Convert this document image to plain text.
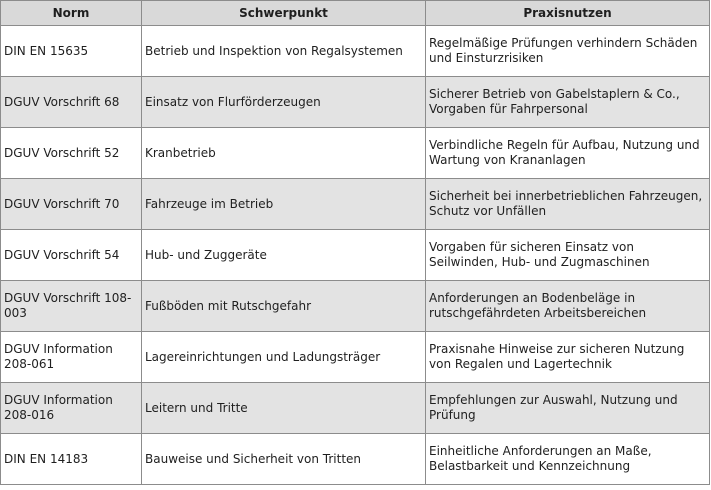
Norm	Schwerpunkt	Praxisnutzen
DIN EN 15635	Betrieb und Inspektion von Regalsystemen	Regelmäßige Prüfungen verhindern Schäden und Einsturzrisiken
DGUV Vorschrift 68	Einsatz von Flurförderzeugen	Sicherer Betrieb von Gabelstaplern & Co., Vorgaben für Fahrpersonal
DGUV Vorschrift 52	Kranbetrieb	Verbindliche Regeln für Aufbau, Nutzung und Wartung von Krananlagen
DGUV Vorschrift 70	Fahrzeuge im Betrieb	Sicherheit bei innerbetrieblichen Fahrzeugen, Schutz vor Unfällen
DGUV Vorschrift 54	Hub- und Zuggeräte	Vorgaben für sicheren Einsatz von Seilwinden, Hub- und Zugmaschinen
DGUV Vorschrift 108-003	Fußböden mit Rutschgefahr	Anforderungen an Bodenbeläge in rutschgefährdeten Arbeitsbereichen
DGUV Information 208-061	Lagereinrichtungen und Ladungsträger	Praxisnahe Hinweise zur sicheren Nutzung von Regalen und Lagertechnik
DGUV Information 208-016	Leitern und Tritte	Empfehlungen zur Auswahl, Nutzung und Prüfung
DIN EN 14183	Bauweise und Sicherheit von Tritten	Einheitliche Anforderungen an Maße, Belastbarkeit und Kennzeichnung
